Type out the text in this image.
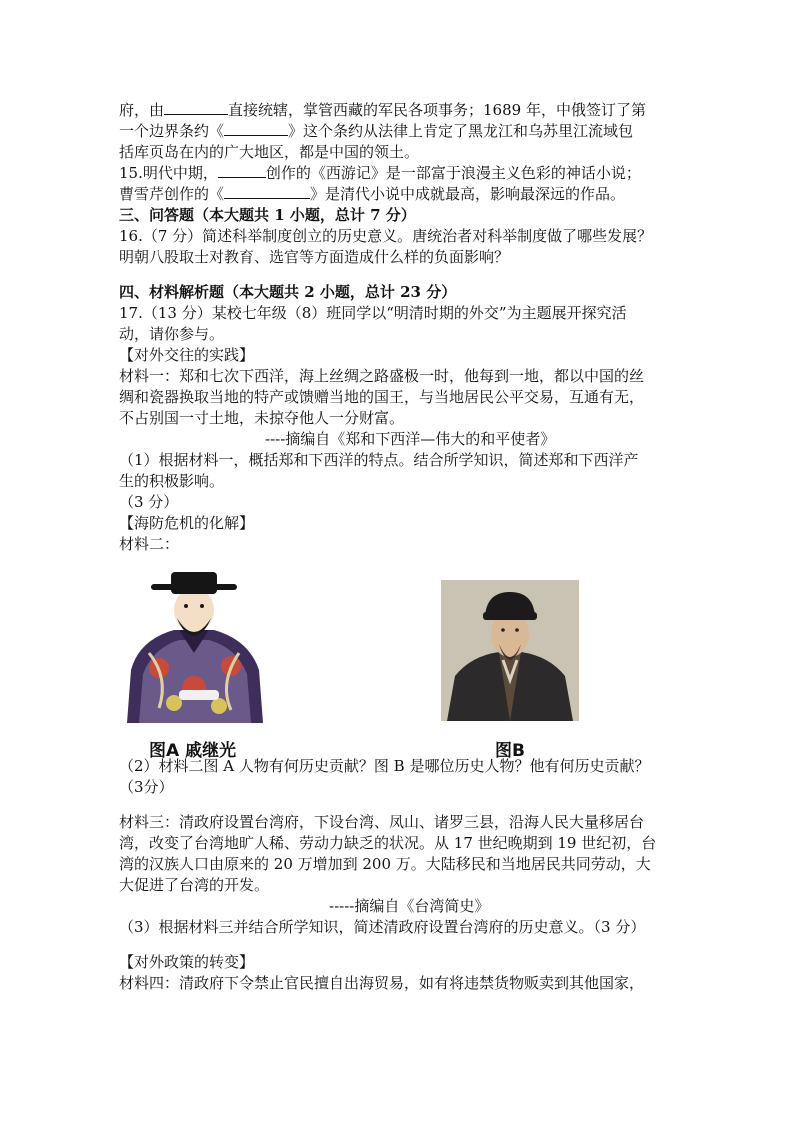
府，由	直接统辖，掌管西藏的军民各项事务；1689 年，中俄签订了第
一个边界条约《	》这个条约从法律上肯定了黑龙江和乌苏里江流域包
括库页岛在内的广大地区，都是中国的领土。
15.明代中期，	创作的《西游记》是一部富于浪漫主义色彩的神话小说；
曹雪芹创作的《	》是清代小说中成就最高，影响最深远的作品。
三、问答题（本大题共 1 小题，总计 7 分）
16.（7 分）简述科举制度创立的历史意义。唐统治者对科举制度做了哪些发展？
明朝八股取士对教育、选官等方面造成什么样的负面影响？
四、材料解析题（本大题共 2 小题，总计 23 分）
17.（13 分）某校七年级（8）班同学以“明清时期的外交”为主题展开探究活
动，请你参与。
【对外交往的实践】
材料一：郑和七次下西洋，海上丝绸之路盛极一时，他每到一地，都以中国的丝
绸和瓷器换取当地的特产或馈赠当地的国王，与当地居民公平交易，互通有无，
不占别国一寸土地，未掠夺他人一分财富。
----摘编自《郑和下西洋—伟大的和平使者》
（1）根据材料一，概括郑和下西洋的特点。结合所学知识，简述郑和下西洋产
生的积极影响。
（3 分）
【海防危机的化解】
材料二：
图A 戚继光	图B
（2）材料二图 A 人物有何历史贡献？图 B 是哪位历史人物？他有何历史贡献？
（3分）
材料三：清政府设置台湾府，下设台湾、凤山、诸罗三县，沿海人民大量移居台
湾，改变了台湾地旷人稀、劳动力缺乏的状况。从 17 世纪晚期到 19 世纪初，台
湾的汉族人口由原来的 20 万增加到 200 万。大陆移民和当地居民共同劳动，大
大促进了台湾的开发。
-----摘编自《台湾简史》
（3）根据材料三并结合所学知识，简述清政府设置台湾府的历史意义。（3 分）
【对外政策的转变】
材料四：清政府下令禁止官民擅自出海贸易，如有将违禁货物贩卖到其他国家，
